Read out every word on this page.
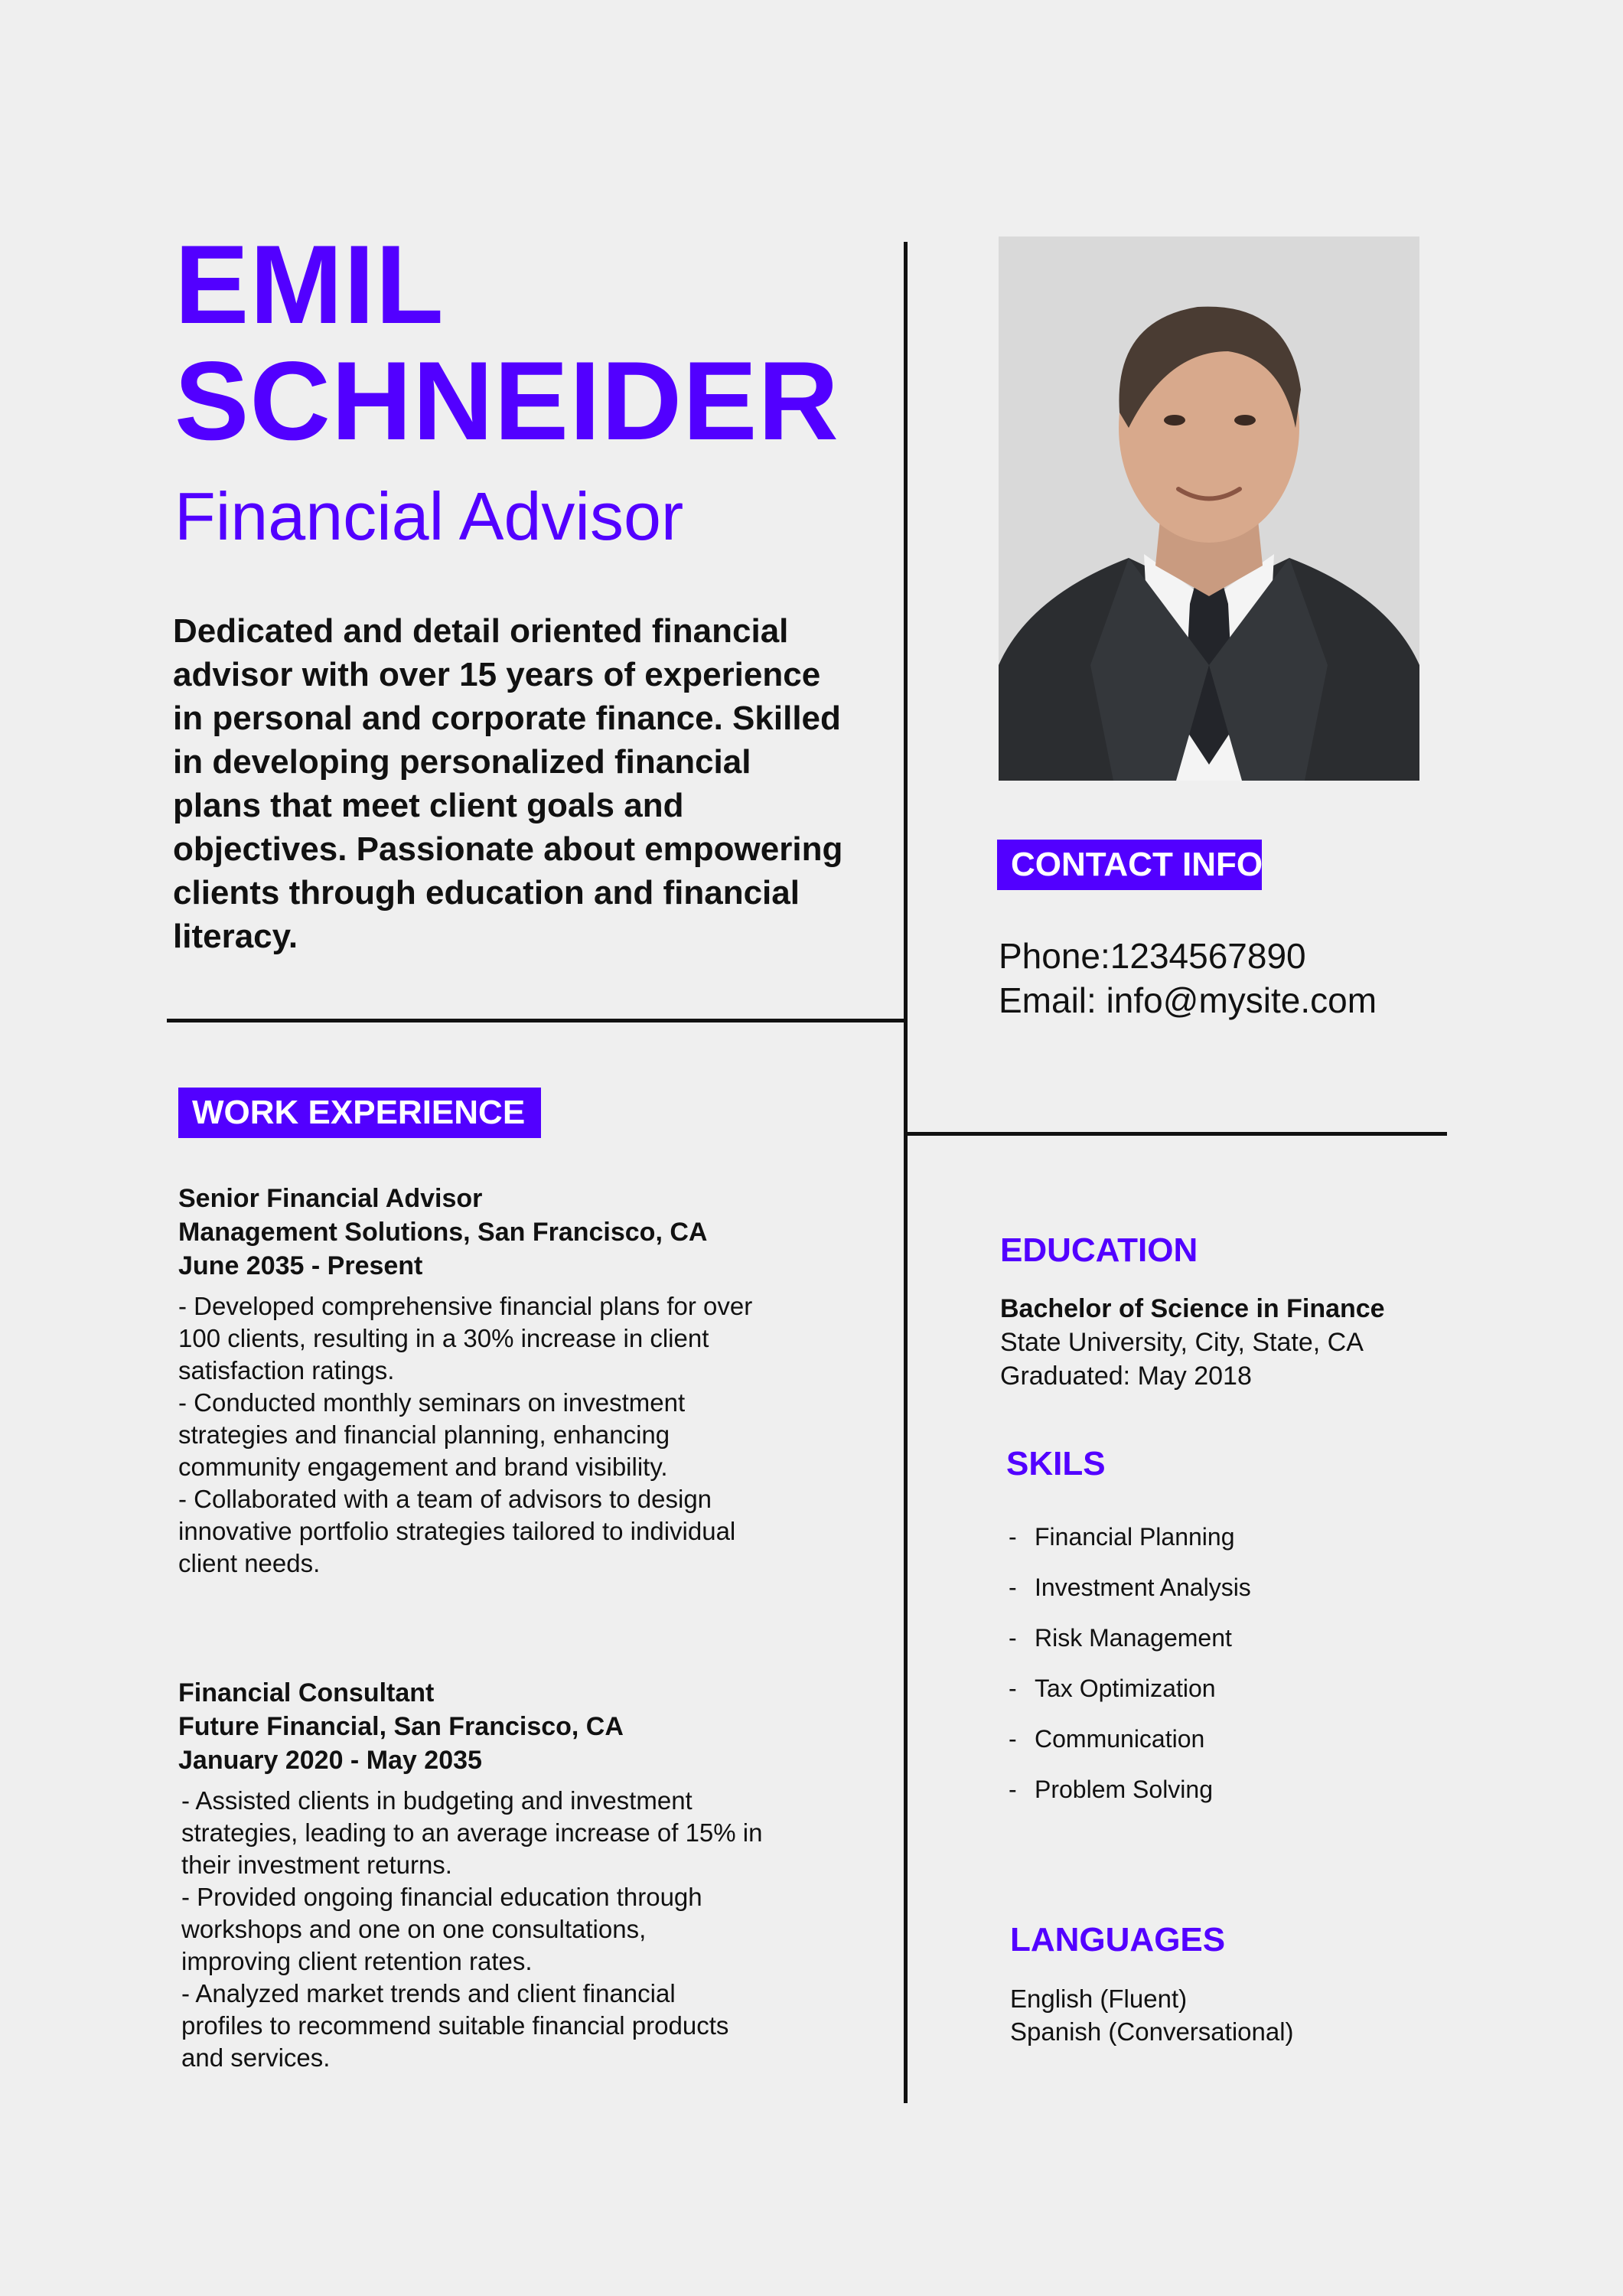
EMIL
SCHNEIDER
Financial Advisor
Dedicated and detail oriented financial advisor with over 15 years of experience in personal and corporate finance. Skilled in developing personalized financial plans that meet client goals and objectives. Passionate about empowering clients through education and financial literacy.
CONTACT INFO
Phone:1234567890
Email: info@mysite.com
WORK EXPERIENCE
Senior Financial Advisor
Management Solutions, San Francisco, CA
June 2035 - Present
- Developed comprehensive financial plans for over
100 clients, resulting in a 30% increase in client
satisfaction ratings.
- Conducted monthly seminars on investment
strategies and financial planning, enhancing
community engagement and brand visibility.
- Collaborated with a team of advisors to design
innovative portfolio strategies tailored to individual
client needs.
Financial Consultant
Future Financial, San Francisco, CA
January 2020 - May 2035
- Assisted clients in budgeting and investment
strategies, leading to an average increase of 15% in
their investment returns.
- Provided ongoing financial education through
workshops and one on one consultations,
improving client retention rates.
- Analyzed market trends and client financial
profiles to recommend suitable financial products
and services.
EDUCATION
Bachelor of Science in Finance
State University, City, State, CA
Graduated: May 2018
SKILS
- Financial Planning
- Investment Analysis
- Risk Management
- Tax Optimization
- Communication
- Problem Solving
LANGUAGES
English (Fluent)
Spanish (Conversational)
